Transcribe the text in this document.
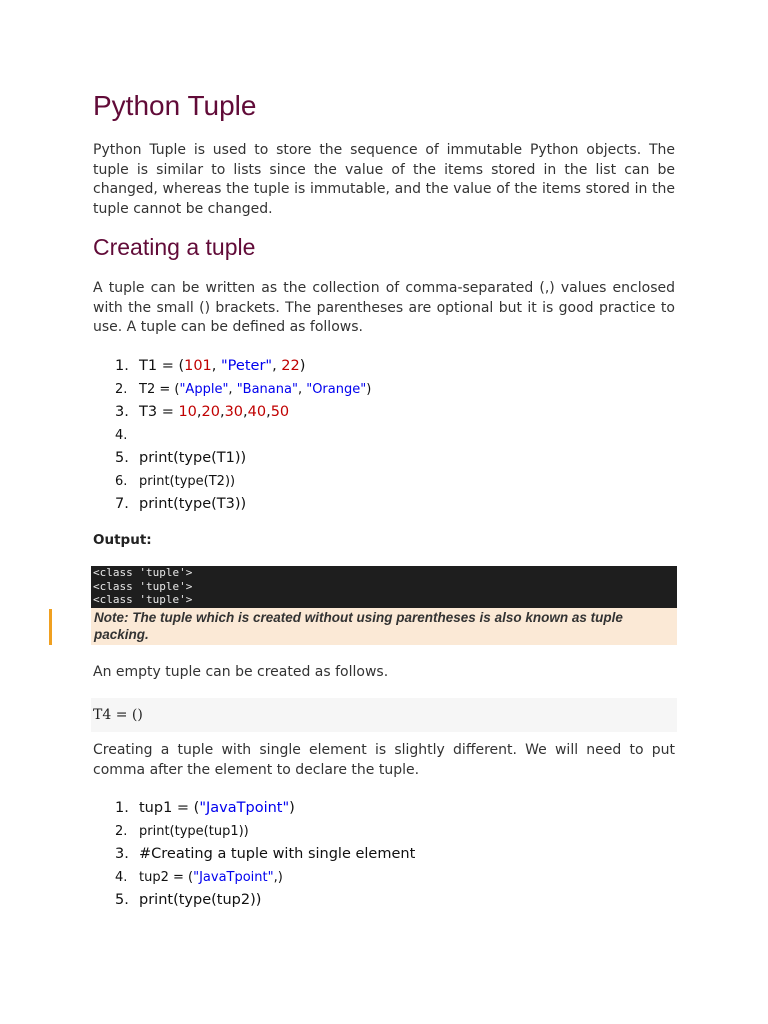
Python Tuple

Python Tuple is used to store the sequence of immutable Python objects. The tuple is similar to lists since the value of the items stored in the list can be changed, whereas the tuple is immutable, and the value of the items stored in the tuple cannot be changed.

Creating a tuple

A tuple can be written as the collection of comma-separated (,) values enclosed with the small () brackets. The parentheses are optional but it is good practice to use. A tuple can be defined as follows.

1. T1 = (101, "Peter", 22)
2. T2 = ("Apple", "Banana", "Orange")
3. T3 = 10,20,30,40,50
4.
5. print(type(T1))
6. print(type(T2))
7. print(type(T3))
Output:
<class 'tuple'>
<class 'tuple'>
<class 'tuple'>
Note: The tuple which is created without using parentheses is also known as tuple packing.

An empty tuple can be created as follows.

T4 = ()

Creating a tuple with single element is slightly different. We will need to put comma after the element to declare the tuple.

1. tup1 = ("JavaTpoint")
2. print(type(tup1))
3. #Creating a tuple with single element
4. tup2 = ("JavaTpoint",)
5. print(type(tup2))
